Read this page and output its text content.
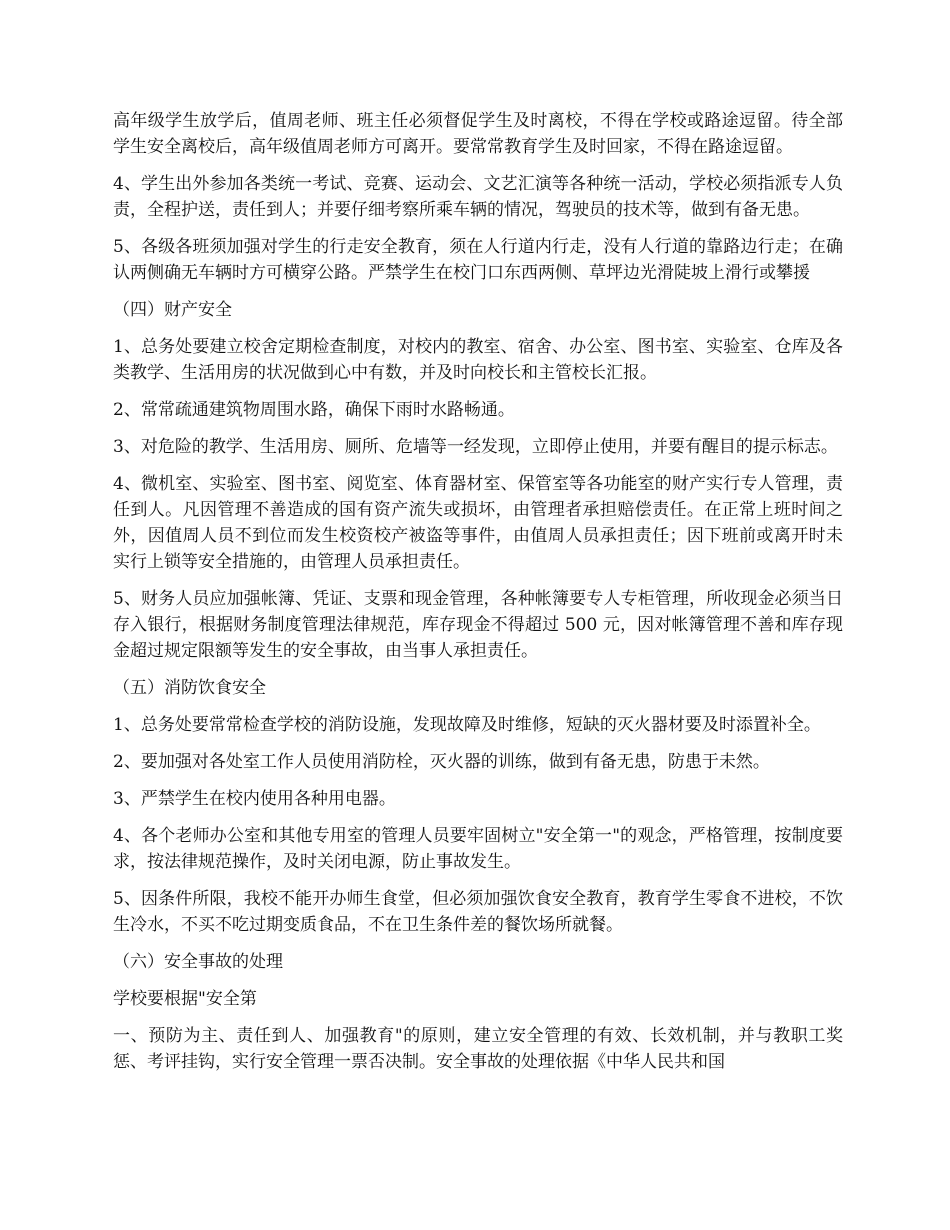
高年级学生放学后，值周老师、班主任必须督促学生及时离校，不得在学校或路途逗留。待全部学生安全离校后，高年级值周老师方可离开。要常常教育学生及时回家，不得在路途逗留。

4、学生出外参加各类统一考试、竞赛、运动会、文艺汇演等各种统一活动，学校必须指派专人负责，全程护送，责任到人；并要仔细考察所乘车辆的情况，驾驶员的技术等，做到有备无患。

5、各级各班须加强对学生的行走安全教育，须在人行道内行走，没有人行道的靠路边行走；在确认两侧确无车辆时方可横穿公路。严禁学生在校门口东西两侧、草坪边光滑陡坡上滑行或攀援

（四）财产安全

1、总务处要建立校舍定期检查制度，对校内的教室、宿舍、办公室、图书室、实验室、仓库及各类教学、生活用房的状况做到心中有数，并及时向校长和主管校长汇报。

2、常常疏通建筑物周围水路，确保下雨时水路畅通。

3、对危险的教学、生活用房、厕所、危墙等一经发现，立即停止使用，并要有醒目的提示标志。

4、微机室、实验室、图书室、阅览室、体育器材室、保管室等各功能室的财产实行专人管理，责任到人。凡因管理不善造成的国有资产流失或损坏，由管理者承担赔偿责任。在正常上班时间之外，因值周人员不到位而发生校资校产被盗等事件，由值周人员承担责任；因下班前或离开时未实行上锁等安全措施的，由管理人员承担责任。

5、财务人员应加强帐簿、凭证、支票和现金管理，各种帐簿要专人专柜管理，所收现金必须当日存入银行，根据财务制度管理法律规范，库存现金不得超过 500 元，因对帐簿管理不善和库存现金超过规定限额等发生的安全事故，由当事人承担责任。

（五）消防饮食安全

1、总务处要常常检查学校的消防设施，发现故障及时维修，短缺的灭火器材要及时添置补全。

2、要加强对各处室工作人员使用消防栓，灭火器的训练，做到有备无患，防患于未然。

3、严禁学生在校内使用各种用电器。

4、各个老师办公室和其他专用室的管理人员要牢固树立"安全第一"的观念，严格管理，按制度要求，按法律规范操作，及时关闭电源，防止事故发生。

5、因条件所限，我校不能开办师生食堂，但必须加强饮食安全教育，教育学生零食不进校，不饮生冷水，不买不吃过期变质食品，不在卫生条件差的餐饮场所就餐。

（六）安全事故的处理

学校要根据"安全第

一、预防为主、责任到人、加强教育"的原则，建立安全管理的有效、长效机制，并与教职工奖惩、考评挂钩，实行安全管理一票否决制。安全事故的处理依据《中华人民共和国
